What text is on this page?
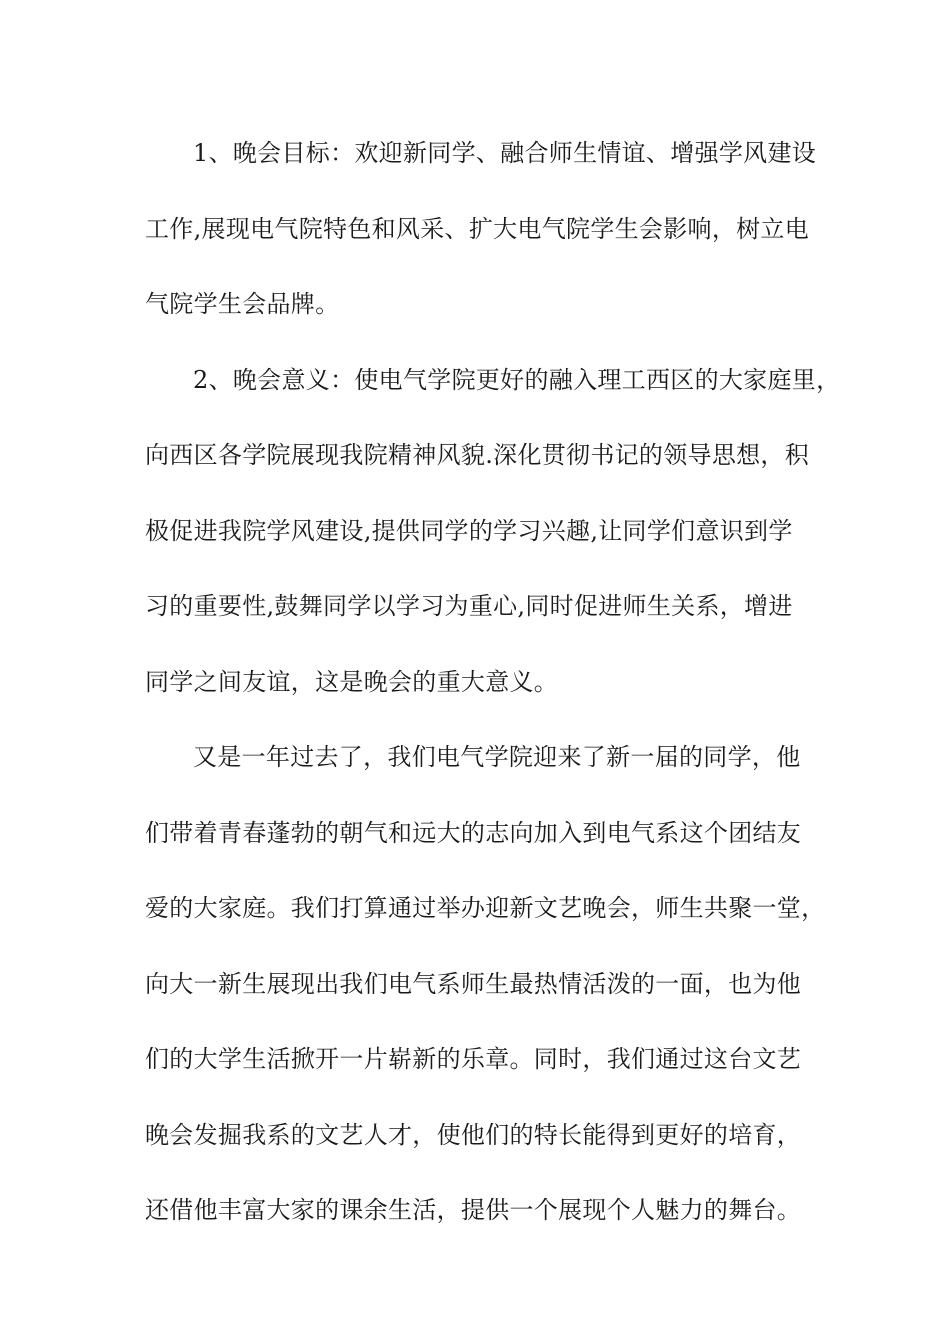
1、晚会目标：欢迎新同学、融合师生情谊、增强学风建设
工作,展现电气院特色和风采、扩大电气院学生会影响，树立电
气院学生会品牌。
2、晚会意义：使电气学院更好的融入理工西区的大家庭里，
向西区各学院展现我院精神风貌.深化贯彻书记的领导思想，积
极促进我院学风建设,提供同学的学习兴趣,让同学们意识到学
习的重要性,鼓舞同学以学习为重心,同时促进师生关系，增进
同学之间友谊，这是晚会的重大意义。
又是一年过去了，我们电气学院迎来了新一届的同学，他
们带着青春蓬勃的朝气和远大的志向加入到电气系这个团结友
爱的大家庭。我们打算通过举办迎新文艺晚会，师生共聚一堂，
向大一新生展现出我们电气系师生最热情活泼的一面，也为他
们的大学生活掀开一片崭新的乐章。同时，我们通过这台文艺
晚会发掘我系的文艺人才，使他们的特长能得到更好的培育，
还借他丰富大家的课余生活，提供一个展现个人魅力的舞台。
